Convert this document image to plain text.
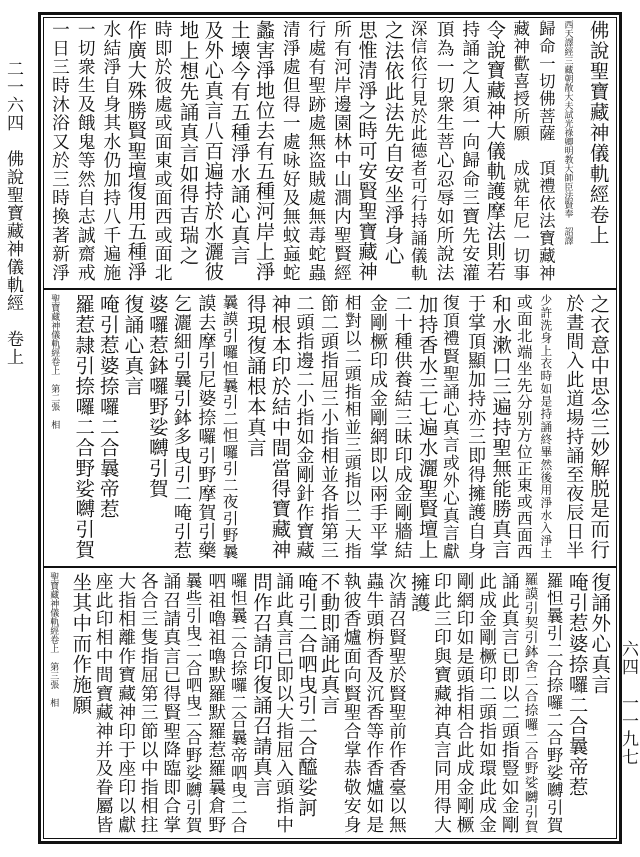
二一六四　佛說聖寶藏神儀軌經　卷上
六四　一一九七
佛說聖寶藏神儀軌經卷上
西天譯經三藏朝散大夫試光祿卿明教大師臣法賢奉　詔譯
歸命一切佛菩薩　頂禮依法寶藏神
藏神歡喜授所願　成就年尼一切事
令說寶藏神大儀軌護摩法則若
持誦之人須一向歸命三寶先安灌
頂為一切衆生菩心忍辱如所說法
深信依行見於此德者可行持誦儀軌
之法依此法先自安坐淨身心
思惟清淨之時可安賢聖寶藏神
所有河岸邊園林中山澗内聖賢經
行處有聖跡處無盗賊處無毒蛇蟲
清淨處但得一處咏好及無蚊蝱蛇
蠡害淨地位去有五種河岸上淨
土壊今有五種淨水誦心真言
及外心真言八百遍持於水灑彼
地上想先誦真言如得吉瑞之
時即於彼處或面東或面西或面北
作廣大殊勝賢聖壇復用五種淨
水結淨自身其水仍加持八千遍施
一切衆生及餓鬼等然自志誠齋戒
一日三時沐浴又於三時換著新淨
之衣意中思念三妙解脱是而行
於晝間入此道場持誦至夜辰日半
少許洗身上衣時如是持誦終畢然後用淨水入淨土
或面北端坐先分别方位正東或西面西
和水漱口三遍持聖無能勝真言
于掌頂顯加持亦三即得擁護自身
復頂禮賢聖誦心真言或外心真言獻
加持香水三七遍水灑聖賢壇上
二十種供養結三昧印成金剛牆結
金剛橛印成金剛網即以兩手平掌
相對以二頭指相並三頭指以二大指
節二頭指屈三小指相並各指第三
二頭指邊二小指如金剛針作寶藏
神根本印於結中間當得寶藏神
得現復誦根本真言
曩謨引囉怛曩引二怛囉引二夜引野曩
謨去摩引尼婆捺囉引野摩賀引藥
乞灑細引曩引鉢多曳引二唵引惹
婆囉惹鉢囉野娑嚩引賀
復誦心真言
唵引惹婆捺囉二合曩帝惹
羅惹隷引捺囉二合野娑嚩引賀
聖寶藏神儀軌經卷上　第二張　相
復誦外心真言
唵引惹婆捺囉二合曩帝惹
羅怛曩引二合捺囉二合野娑嚩引賀
羅謨引契引鉢舍二合捺囉二合野娑嚩引賀
誦此真言已即以二頭指豎如金剛
此成金剛橛印二頭指如環此成金
剛網印如是頭指相合此成金剛橛
印此三印與寶藏神真言同用得大
擁護
次請召賢聖於賢聖前作香臺以無
蟲牛頭栴香及沉香等作香爐如是
執彼香爐面向賢聖合掌恭敬安身
不動即誦此真言
唵引二合呬曳引二合醯娑訶
誦此真言已即以大指屈入頭指中
問作召請印復誦召請真言
囉怛曩二合捺囉二合曩帝呬曳二合
呬祖嚕祖嚕默羅默羅惹羅曩倉野
曩些引曳二合呬曳二合野娑嚩引賀
誦召請真言已得賢聖降臨即合掌
各合三隻指屈第三節以中指相拄
大指相離作寶藏神印于座印以獻
座此印相中間寶藏神并及眷屬皆
坐其中而作施願
聖寶藏神儀軌經卷上　第三張　相
